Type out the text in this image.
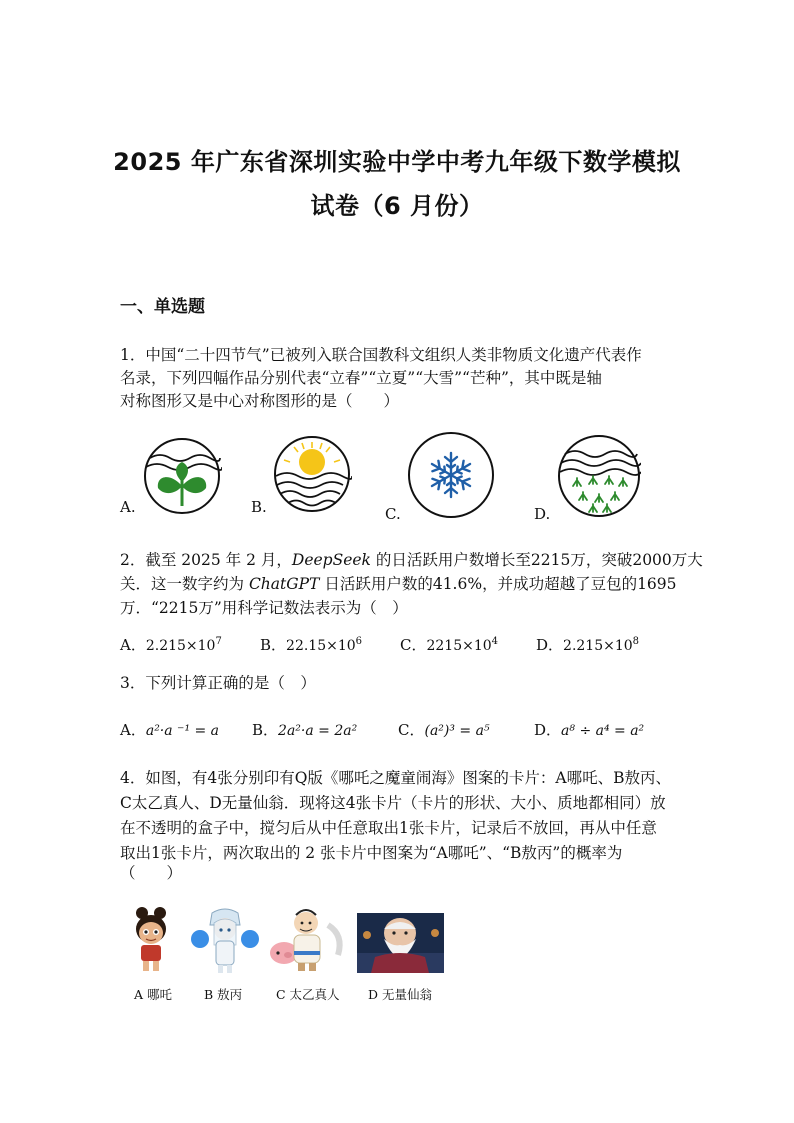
2025 年广东省深圳实验中学中考九年级下数学模拟
试卷（6 月份）
一、单选题
1．中国“二十四节气”已被列入联合国教科文组织人类非物质文化遗产代表作
名录，下列四幅作品分别代表“立春”“立夏”“大雪”“芒种”，其中既是轴
对称图形又是中心对称图形的是（　　）
A.	B.	C.	D.
2．截至 2025 年 2 月，DeepSeek 的日活跃用户数增长至2215万，突破2000万大
关．这一数字约为 ChatGPT 日活跃用户数的41.6%，并成功超越了豆包的1695
万．“2215万”用科学记数法表示为（　）
A．$2.215\times 10^7$	B．$22.15\times 10^6$	C．$2215\times 10^4$	D．$2.215\times 10^8$
3．下列计算正确的是（　）
A．a²·a ⁻¹ = a B．2a²·a = 2a²	C．(a²)³ = a⁵	D．a⁸ ÷ a⁴ = a²
4．如图，有4张分别印有Q版《哪吒之魔童闹海》图案的卡片：A哪吒、B敖丙、
C太乙真人、D无量仙翁．现将这4张卡片（卡片的形状、大小、质地都相同）放
在不透明的盒子中，搅匀后从中任意取出1张卡片，记录后不放回，再从中任意
取出1张卡片，两次取出的 2 张卡片中图案为“A哪吒”、“B敖丙”的概率为
（　　）
A 哪吒	B 敖丙	C 太乙真人 D 无量仙翁
